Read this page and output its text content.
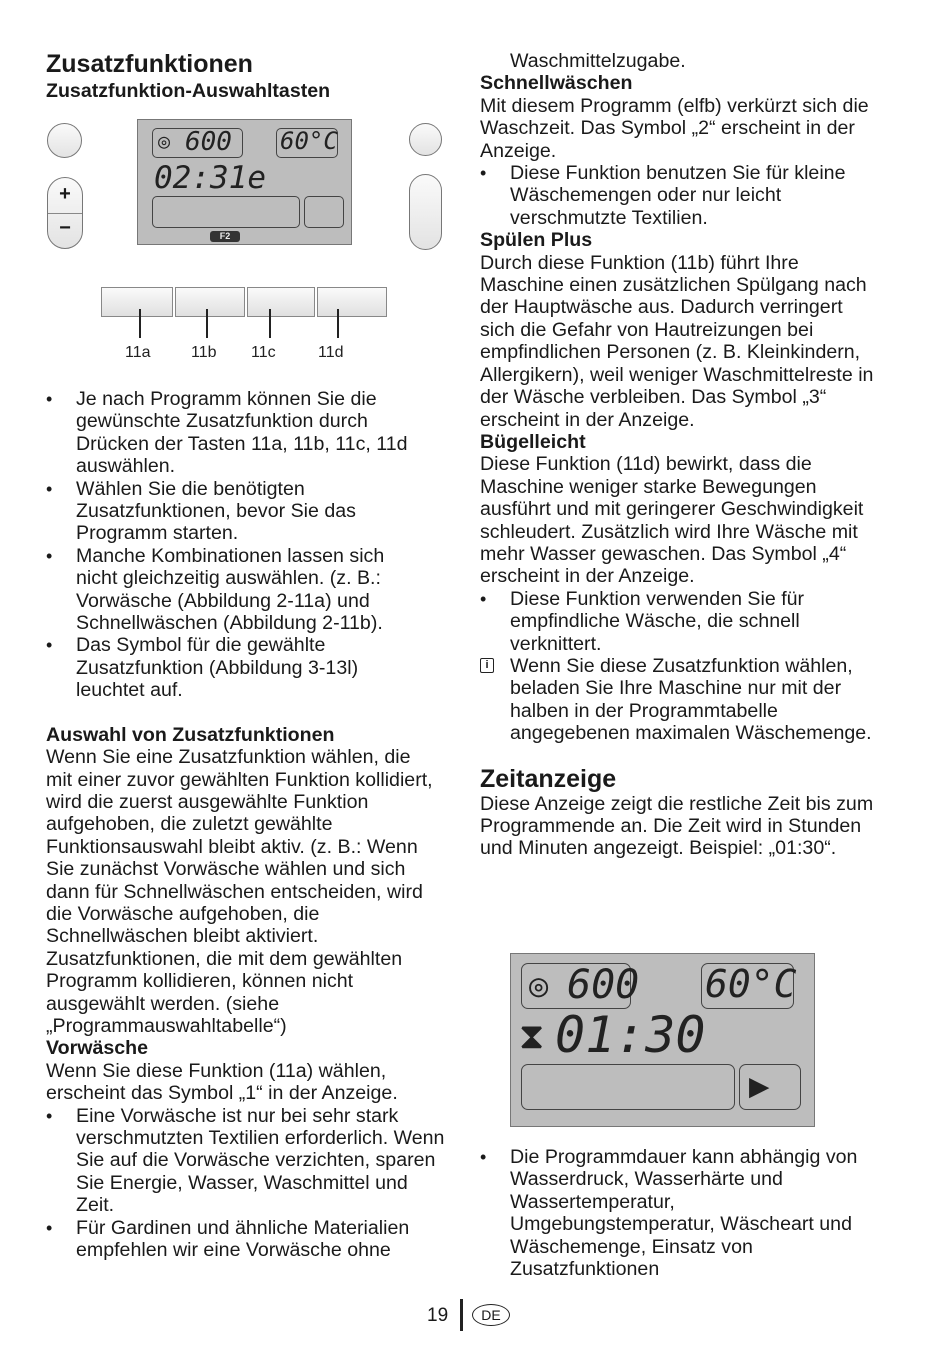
Zusatzfunktionen
Zusatzfunktion-Auswahltasten
+
−
◎ 600 60°C
02:31e
F2
11a	11b 11c	11d
• Je nach Programm können Sie die gewünschte Zusatzfunktion durch Drücken der Tasten 11a, 11b, 11c, 11d auswählen.
• Wählen Sie die benötigten Zusatzfunktionen, bevor Sie das Programm starten.
• Manche Kombinationen lassen sich nicht gleichzeitig auswählen. (z. B.: Vorwäsche (Abbildung 2-11a) und Schnellwäschen (Abbildung 2-11b).
• Das Symbol für die gewählte Zusatzfunktion (Abbildung 3-13l) leuchtet auf.

Auswahl von Zusatzfunktionen

Wenn Sie eine Zusatzfunktion wählen, die mit einer zuvor gewählten Funktion kollidiert, wird die zuerst ausgewählte Funktion aufgehoben, die zuletzt gewählte Funktionsauswahl bleibt aktiv. (z. B.: Wenn Sie zunächst Vorwäsche wählen und sich dann für Schnellwäschen entscheiden, wird die Vorwäsche aufgehoben, die Schnellwäschen bleibt aktiviert. Zusatzfunktionen, die mit dem gewählten Programm kollidieren, können nicht ausgewählt werden. (siehe „Programmauswahltabelle“)

Vorwäsche

Wenn Sie diese Funktion (11a) wählen, erscheint das Symbol „1“ in der Anzeige.

• Eine Vorwäsche ist nur bei sehr stark verschmutzten Textilien erforderlich. Wenn Sie auf die Vorwäsche verzichten, sparen Sie Energie, Wasser, Waschmittel und Zeit.
• Für Gardinen und ähnliche Materialien empfehlen wir eine Vorwäsche ohne

Waschmittelzugabe.

Schnellwäschen

Mit diesem Programm (elfb) verkürzt sich die Waschzeit. Das Symbol „2“ erscheint in der Anzeige.

• Diese Funktion benutzen Sie für kleine Wäschemengen oder nur leicht verschmutzte Textilien.

Spülen Plus

Durch diese Funktion (11b) führt Ihre Maschine einen zusätzlichen Spülgang nach der Hauptwäsche aus. Dadurch verringert sich die Gefahr von Hautreizungen bei empfindlichen Personen (z. B. Kleinkindern, Allergikern), weil weniger Waschmittelreste in der Wäsche verbleiben. Das Symbol „3“ erscheint in der Anzeige.

Bügelleicht

Diese Funktion (11d) bewirkt, dass die Maschine weniger starke Bewegungen ausführt und mit geringerer Geschwindigkeit schleudert. Zusätzlich wird Ihre Wäsche mit mehr Wasser gewaschen. Das Symbol „4“ erscheint in der Anzeige.

• Diese Funktion verwenden Sie für empfindliche Wäsche, die schnell verknittert.
i Wenn Sie diese Zusatzfunktion wählen, beladen Sie Ihre Maschine nur mit der halben in der Programmtabelle angegebenen maximalen Wäschemenge.
Zeitanzeige

Diese Anzeige zeigt die restliche Zeit bis zum Programmende an. Die Zeit wird in Stunden und Minuten angezeigt. Beispiel: „01:30“.

◎ 600 60°C
⧗ 01:30
▶
• Die Programmdauer kann abhängig von Wasserdruck, Wasserhärte und Wassertemperatur, Umgebungstemperatur, Wäscheart und Wäschemenge, Einsatz von Zusatzfunktionen
19	DE
